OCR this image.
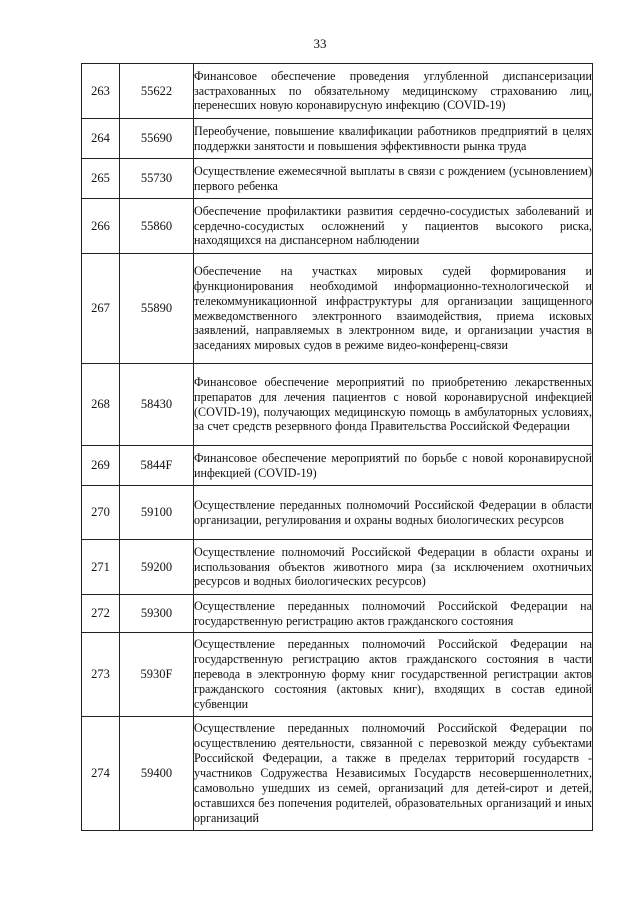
33
263	55622	Финансовое обеспечение проведения углубленной диспансеризации застрахованных по обязательному медицинскому страхованию лиц, перенесших новую коронавирусную инфекцию (COVID-19)

264	55690	Переобучение, повышение квалификации работников предприятий в целях поддержки занятости и повышения эффективности рынка труда

265	55730	Осуществление ежемесячной выплаты в связи с рождением (усыновлением) первого ребенка

266	55860	Обеспечение профилактики развития сердечно-сосудистых заболеваний и сердечно-сосудистых осложнений у пациентов высокого риска, находящихся на диспансерном наблюдении

267	55890	Обеспечение на участках мировых судей формирования и функционирования необходимой информационно-технологической и телекоммуникационной инфраструктуры для организации защищенного межведомственного электронного взаимодействия, приема исковых заявлений, направляемых в электронном виде, и организации участия в заседаниях мировых судов в режиме видео-конференц-связи

268	58430	Финансовое обеспечение мероприятий по приобретению лекарственных препаратов для лечения пациентов с новой коронавирусной инфекцией (COVID-19), получающих медицинскую помощь в амбулаторных условиях, за счет средств резервного фонда Правительства Российской Федерации

269	5844F	Финансовое обеспечение мероприятий по борьбе с новой коронавирусной инфекцией (COVID-19)

270	59100	Осуществление переданных полномочий Российской Федерации в области организации, регулирования и охраны водных биологических ресурсов

271	59200	Осуществление полномочий Российской Федерации в области охраны и использования объектов животного мира (за исключением охотничьих ресурсов и водных биологических ресурсов)

272	59300	Осуществление переданных полномочий Российской Федерации на государственную регистрацию актов гражданского состояния

273	5930F	Осуществление переданных полномочий Российской Федерации на государственную регистрацию актов гражданского состояния в части перевода в электронную форму книг государственной регистрации актов гражданского состояния (актовых книг), входящих в состав единой субвенции

274	59400	Осуществление переданных полномочий Российской Федерации по осуществлению деятельности, связанной с перевозкой между субъектами Российской Федерации, а также в пределах территорий государств - участников Содружества Независимых Государств несовершеннолетних, самовольно ушедших из семей, организаций для детей-сирот и детей, оставшихся без попечения родителей, образовательных организаций и иных организаций
